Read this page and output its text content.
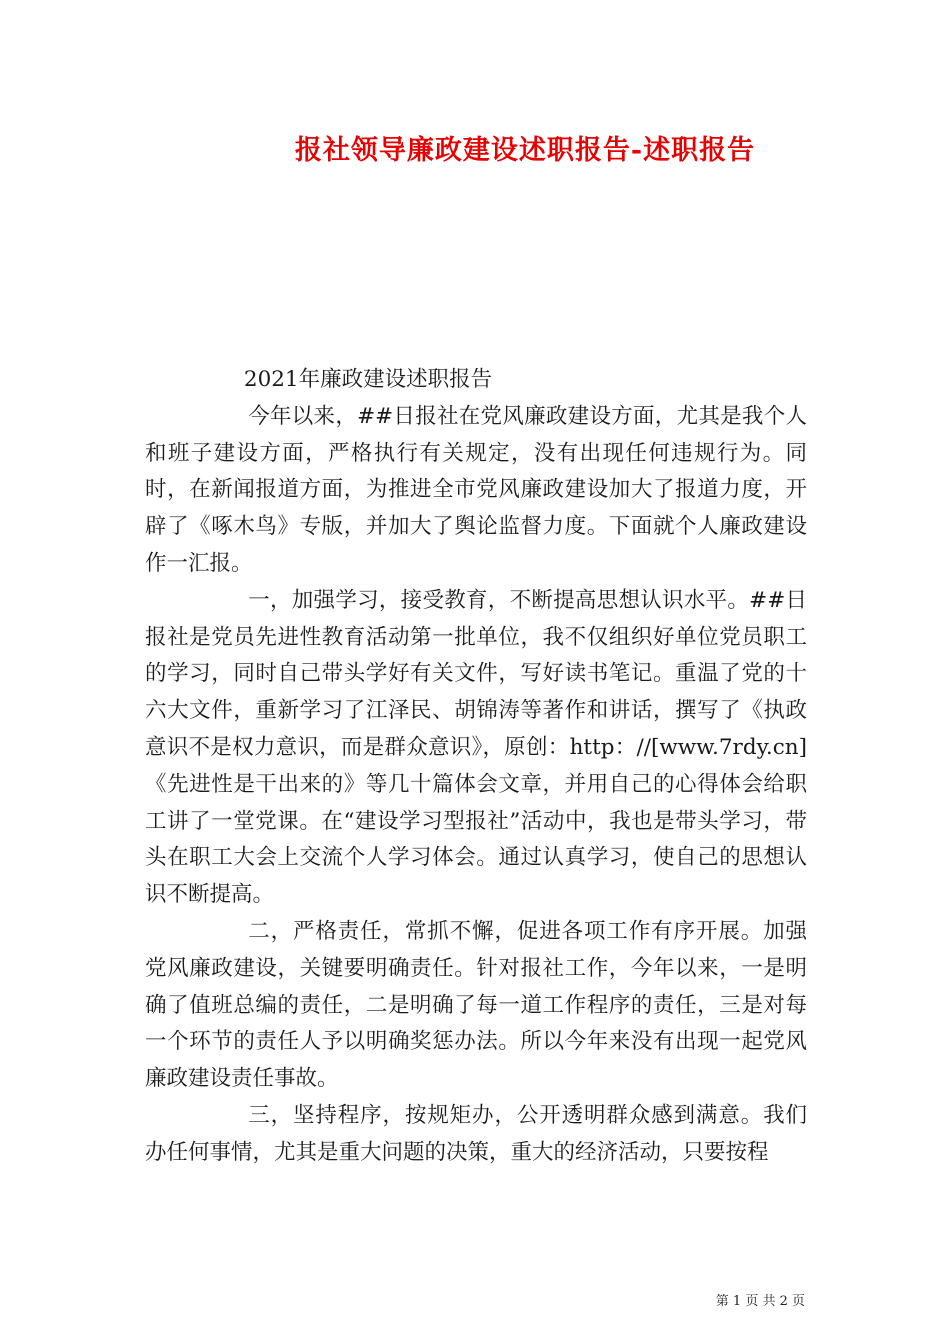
报社领导廉政建设述职报告-述职报告

2021年廉政建设述职报告

今年以来，##日报社在党风廉政建设方面，尤其是我个人和班子建设方面，严格执行有关规定，没有出现任何违规行为。同时，在新闻报道方面，为推进全市党风廉政建设加大了报道力度，开辟了《啄木鸟》专版，并加大了舆论监督力度。下面就个人廉政建设作一汇报。

一，加强学习，接受教育，不断提高思想认识水平。##日报社是党员先进性教育活动第一批单位，我不仅组织好单位党员职工的学习，同时自己带头学好有关文件，写好读书笔记。重温了党的十六大文件，重新学习了江泽民、胡锦涛等著作和讲话，撰写了《执政意识不是权力意识，而是群众意识》，原创：http：//[www.7rdy.cn]《先进性是干出来的》等几十篇体会文章，并用自己的心得体会给职工讲了一堂党课。在“建设学习型报社”活动中，我也是带头学习，带头在职工大会上交流个人学习体会。通过认真学习，使自己的思想认识不断提高。

二，严格责任，常抓不懈，促进各项工作有序开展。加强党风廉政建设，关键要明确责任。针对报社工作，今年以来，一是明确了值班总编的责任，二是明确了每一道工作程序的责任，三是对每一个环节的责任人予以明确奖惩办法。所以今年来没有出现一起党风廉政建设责任事故。

三，坚持程序，按规矩办，公开透明群众感到满意。我们办任何事情，尤其是重大问题的决策，重大的经济活动，只要按程

第 1 页 共 2 页
